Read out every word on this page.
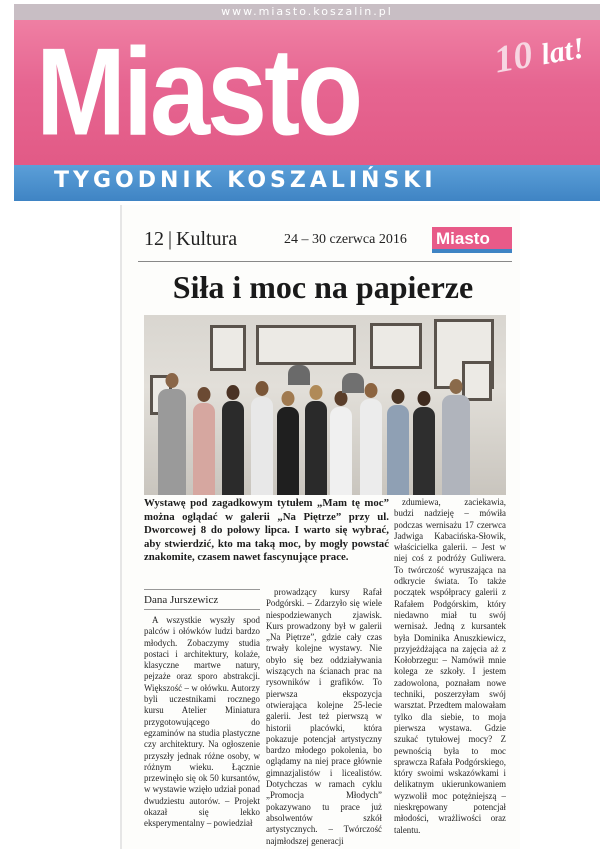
www.miasto.koszalin.pl
Miasto	10 lat!
TYGODNIK KOSZALIŃSKI
12 | Kultura	24 – 30 czerwca 2016 Miasto
Siła i moc na papierze

Wystawę pod zagadkowym tytułem „Mam tę moc” można oglądać w galerii „Na Piętrze” przy ul. Dworcowej 8 do połowy lipca. I warto się wybrać, aby stwierdzić, kto ma taką moc, by mogły powstać znakomite, czasem nawet fascynujące prace.

zdumiewa, zaciekawia, budzi nadzieję – mówiła podczas wernisażu 17 czerwca Jadwiga Kabacińska-Słowik, właścicielka galerii. – Jest w niej coś z podróży Guliwera. To twórczość wyruszająca na odkrycie świata. To także początek współpracy galerii z Rafałem Podgórskim, który niedawno miał tu swój wernisaż. Jedną z kursantek była Dominika Anuszkiewicz, przyjeżdżająca na zajęcia aż z Kołobrzegu: – Namówił mnie kolega ze szkoły. I jestem zadowolona, poznałam nowe techniki, poszerzyłam swój warsztat. Przedtem malowałam tylko dla siebie, to moja pierwsza wystawa. Gdzie szukać tytułowej mocy? Z pewnością była to moc sprawcza Rafała Podgórskiego, który swoimi wskazówkami i delikatnym ukierunkowaniem wyzwolił moc potężniejszą – nieskrępowany potencjał młodości, wrażliwości oraz talentu.

Dana Jurszewicz

A wszystkie wyszły spod palców i ołówków ludzi bardzo młodych. Zobaczymy studia postaci i architektury, kolaże, klasyczne martwe natury, pejzaże oraz sporo abstrakcji. Większość – w ołówku. Autorzy byli uczestnikami rocznego kursu Atelier Miniatura przygotowującego do egzaminów na studia plastyczne czy architektury. Na ogłoszenie przyszły jednak różne osoby, w różnym wieku. Łącznie przewinęło się ok 50 kursantów, w wystawie wzięło udział ponad dwudziestu autorów. – Projekt okazał się lekko eksperymentalny – powiedział

prowadzący kursy Rafał Podgórski. – Zdarzyło się wiele niespodziewanych zjawisk. Kurs prowadzony był w galerii „Na Piętrze”, gdzie cały czas trwały kolejne wystawy. Nie obyło się bez oddziaływania wiszących na ścianach prac na rysowników i grafików. To pierwsza ekspozycja otwierająca kolejne 25-lecie galerii. Jest też pierwszą w historii placówki, która pokazuje potencjał artystyczny bardzo młodego pokolenia, bo oglądamy na niej prace głównie gimnazjalistów i licealistów. Dotychczas w ramach cyklu „Promocja Młodych” pokazywano tu prace już absolwentów szkół artystycznych. – Twórczość najmłodszej generacji
